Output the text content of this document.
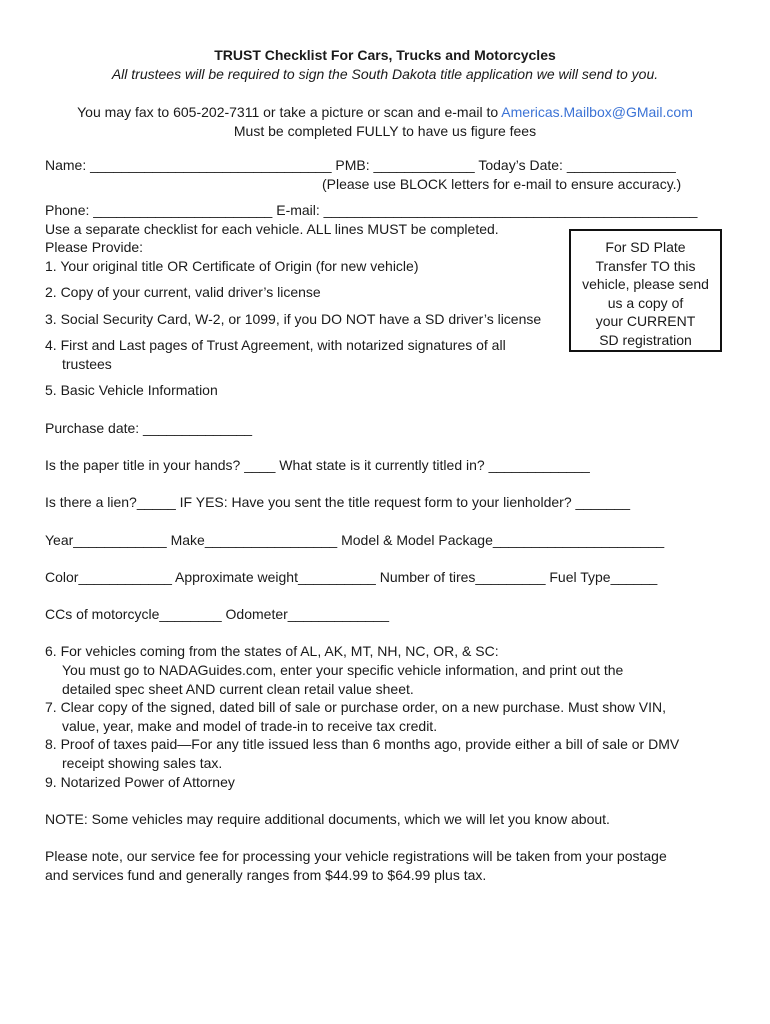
TRUST Checklist For Cars, Trucks and Motorcycles
All trustees will be required to sign the South Dakota title application we will send to you.
You may fax to 605-202-7311 or take a picture or scan and e-mail to Americas.Mailbox@GMail.com
Must be completed FULLY to have us figure fees
Name: _______________________________ PMB: _____________ Today’s Date: ______________
(Please use BLOCK letters for e-mail to ensure accuracy.)
Phone: _______________________ E-mail: ________________________________________________
Use a separate checklist for each vehicle. ALL lines MUST be completed.
Please Provide:
1. Your original title OR Certificate of Origin (for new vehicle)
2. Copy of your current, valid driver’s license
3. Social Security Card, W-2, or 1099, if you DO NOT have a SD driver’s license
4. First and Last pages of Trust Agreement, with notarized signatures of all
trustees
5. Basic Vehicle Information
For SD Plate
Transfer TO this
vehicle, please send
us a copy of
your CURRENT
SD registration
Purchase date: ______________
Is the paper title in your hands? ____ What state is it currently titled in? _____________
Is there a lien?_____ IF YES: Have you sent the title request form to your lienholder? _______
Year____________ Make_________________ Model & Model Package______________________
Color____________ Approximate weight__________ Number of tires_________ Fuel Type______
CCs of motorcycle________ Odometer_____________
6. For vehicles coming from the states of AL, AK, MT, NH, NC, OR, & SC:
You must go to NADAGuides.com, enter your specific vehicle information, and print out the
detailed spec sheet AND current clean retail value sheet.
7. Clear copy of the signed, dated bill of sale or purchase order, on a new purchase. Must show VIN,
value, year, make and model of trade-in to receive tax credit.
8. Proof of taxes paid—For any title issued less than 6 months ago, provide either a bill of sale or DMV
receipt showing sales tax.
9. Notarized Power of Attorney
NOTE: Some vehicles may require additional documents, which we will let you know about.
Please note, our service fee for processing your vehicle registrations will be taken from your postage
and services fund and generally ranges from $44.99 to $64.99 plus tax.
